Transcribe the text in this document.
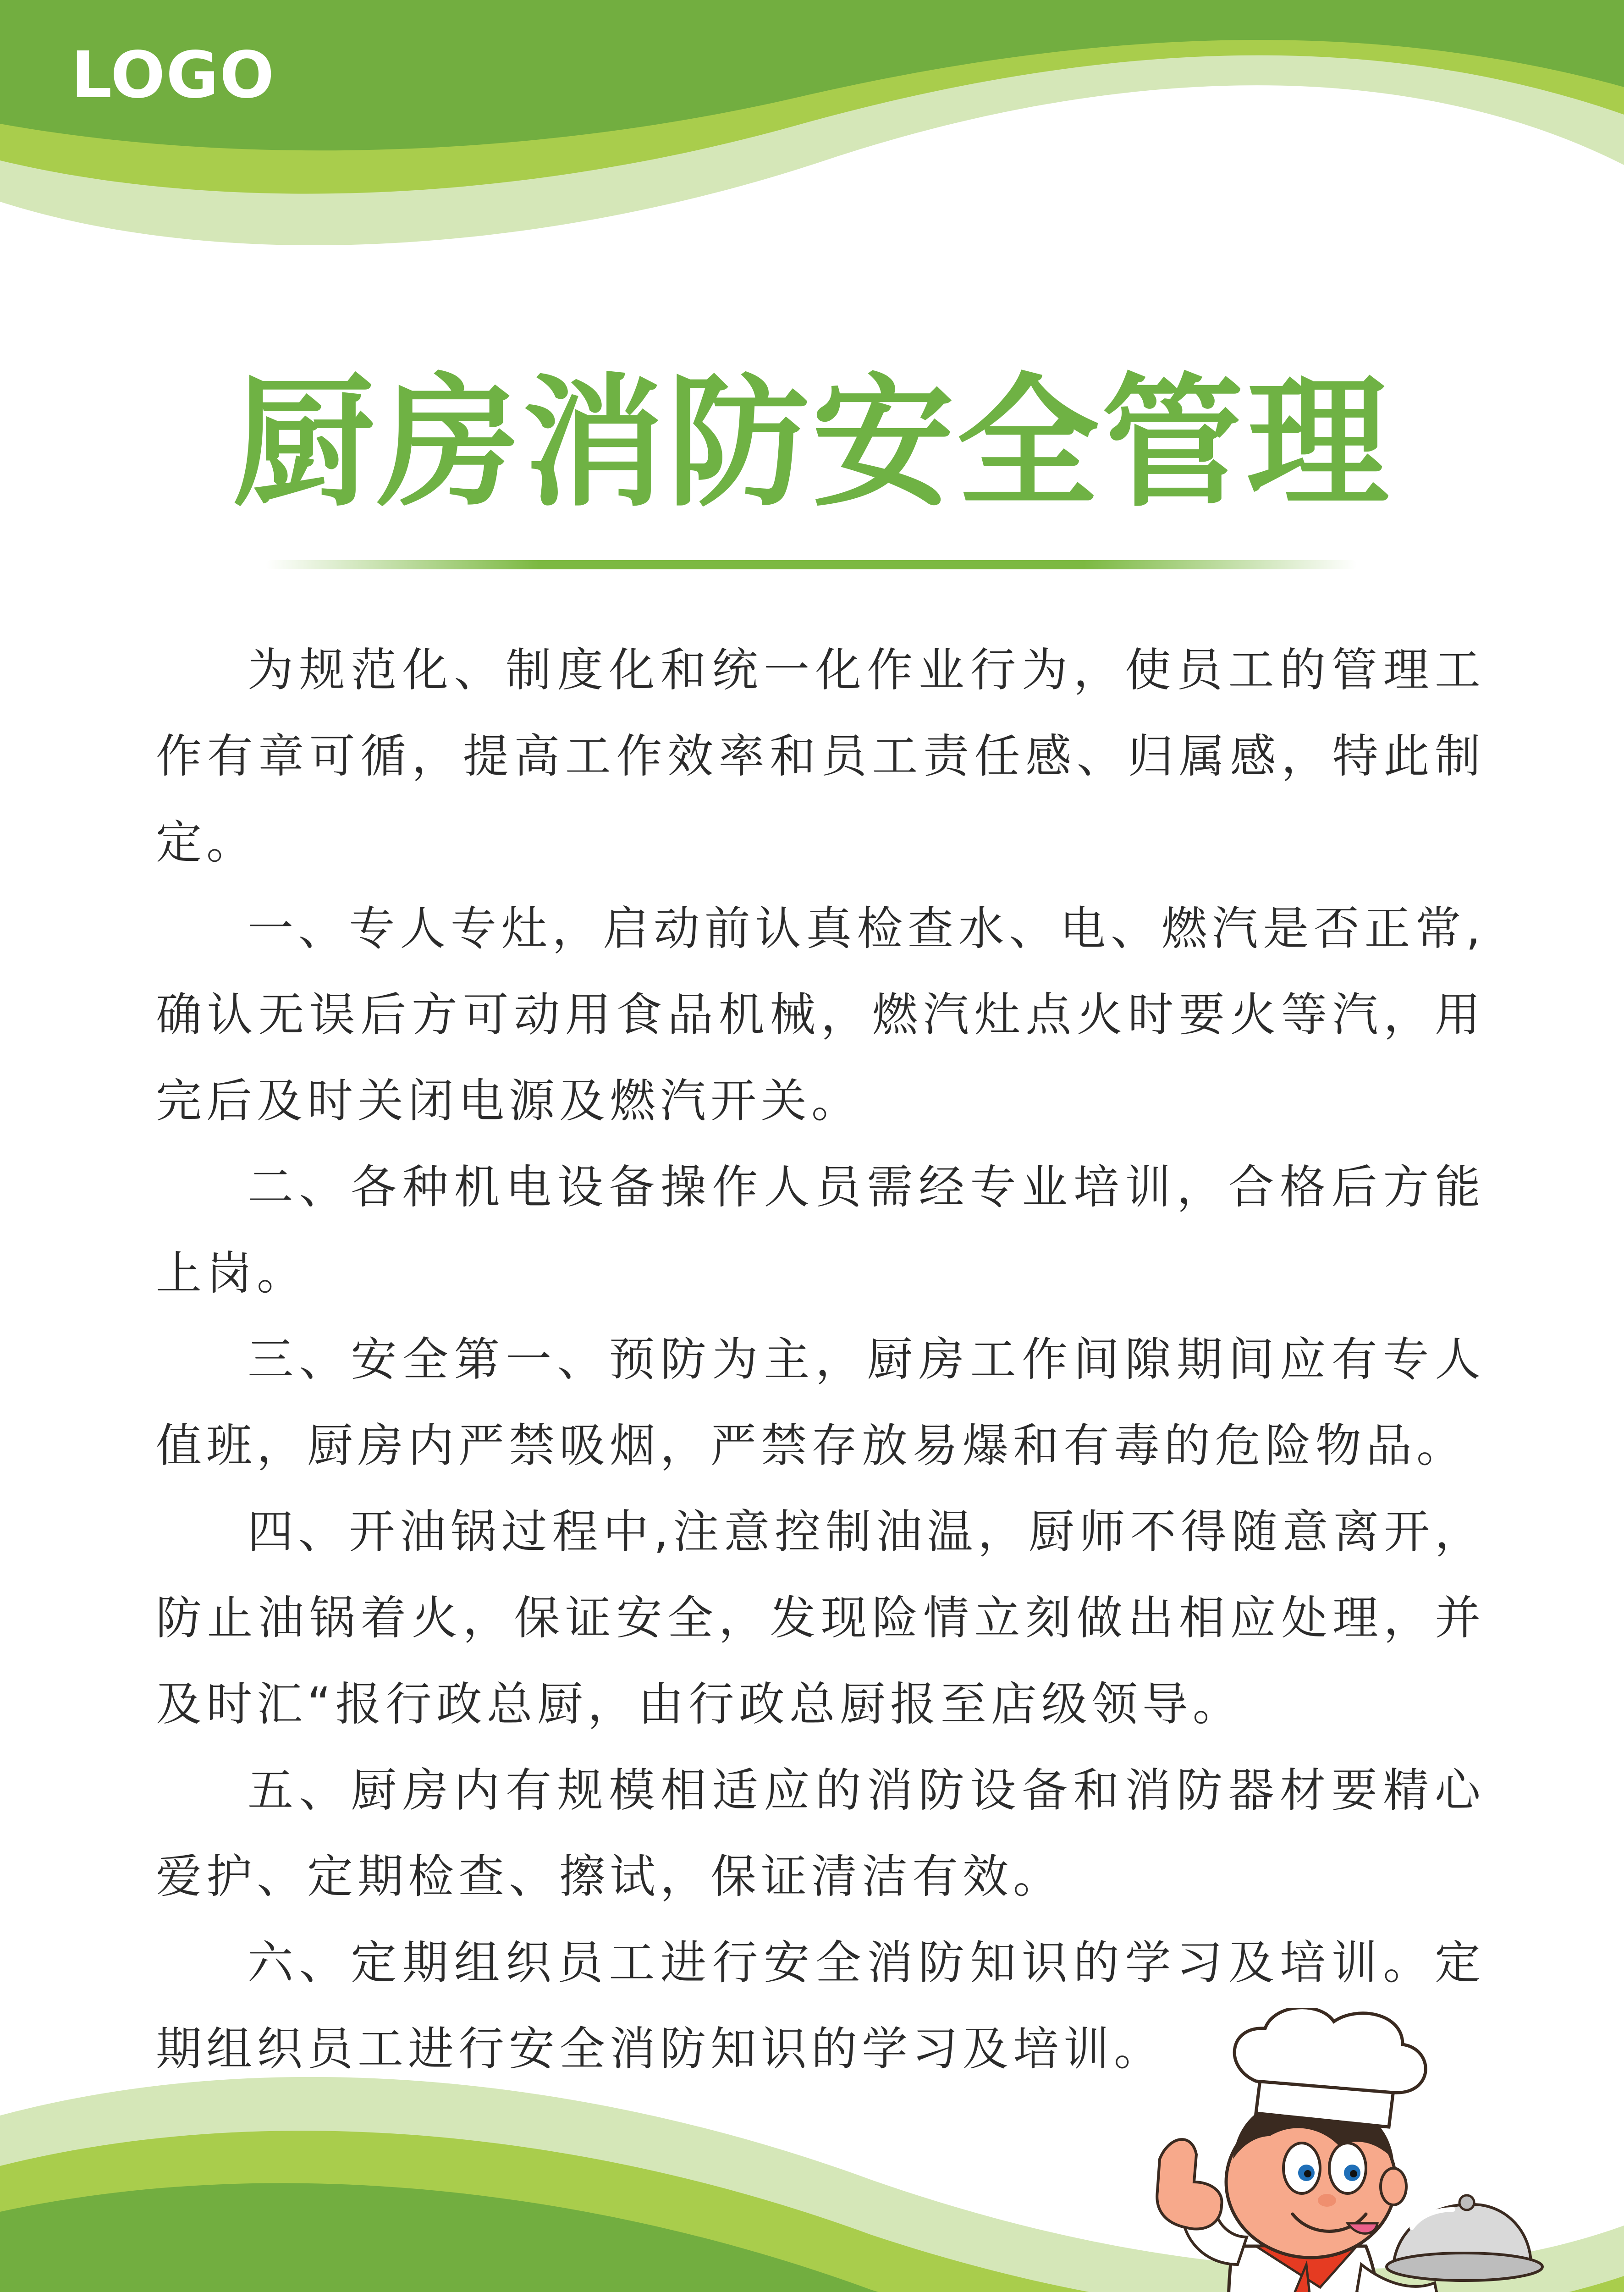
LOGO
厨房消防安全管理

为规范化、制度化和统一化作业行为，使员工的管理工作有章可循，提高工作效率和员工责任感、归属感，特此制定。

一、专人专灶，启动前认真检查水、电、燃汽是否正常,确认无误后方可动用食品机械，燃汽灶点火时要火等汽，用完后及时关闭电源及燃汽开关。

二、各种机电设备操作人员需经专业培训，合格后方能上岗。

三、安全第一、预防为主，厨房工作间隙期间应有专人值班，厨房内严禁吸烟，严禁存放易爆和有毒的危险物品。

四、开油锅过程中,注意控制油温，厨师不得随意离开，防止油锅着火，保证安全，发现险情立刻做出相应处理，并及时汇“报行政总厨，由行政总厨报至店级领导。

五、厨房内有规模相适应的消防设备和消防器材要精心爱护、定期检查、擦试，保证清洁有效。

六、定期组织员工进行安全消防知识的学习及培训。定期组织员工进行安全消防知识的学习及培训。
